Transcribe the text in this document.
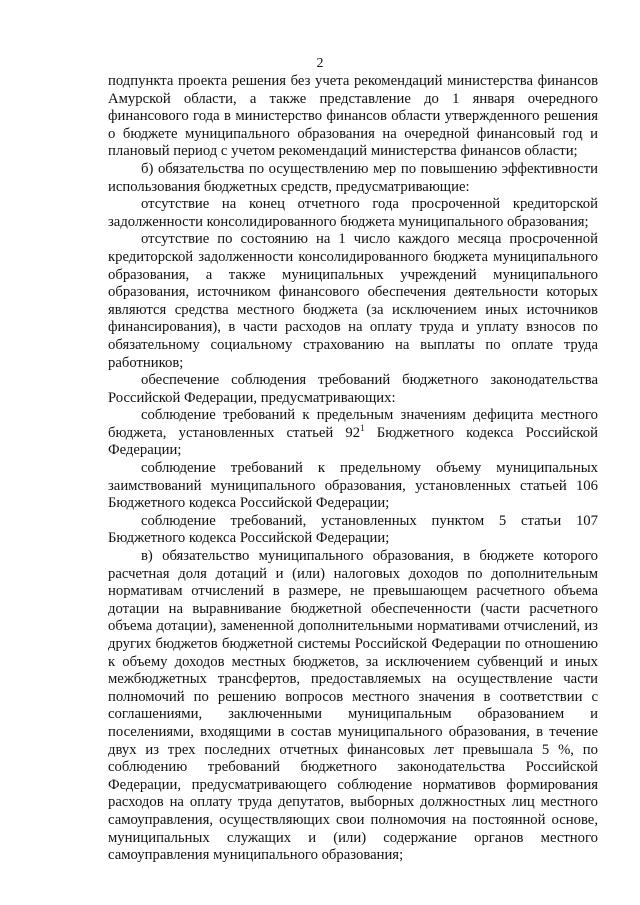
2

подпункта проекта решения без учета рекомендаций министерства финансов Амурской области, а также представление до 1 января очередного финансового года в министерство финансов области утвержденного решения о бюджете муниципального образования на очередной финансовый год и плановый период с учетом рекомендаций министерства финансов области;

б) обязательства по осуществлению мер по повышению эффективности использования бюджетных средств, предусматривающие:

отсутствие на конец отчетного года просроченной кредиторской задолженности консолидированного бюджета муниципального образования;

отсутствие по состоянию на 1 число каждого месяца просроченной кредиторской задолженности консолидированного бюджета муниципального образования, а также муниципальных учреждений муниципального образования, источником финансового обеспечения деятельности которых являются средства местного бюджета (за исключением иных источников финансирования), в части расходов на оплату труда и уплату взносов по обязательному социальному страхованию на выплаты по оплате труда работников;

обеспечение соблюдения требований бюджетного законодательства Российской Федерации, предусматривающих:

соблюдение требований к предельным значениям дефицита местного бюджета, установленных статьей $92^1$ Бюджетного кодекса Российской Федерации;

соблюдение требований к предельному объему муниципальных заимствований муниципального образования, установленных статьей 106 Бюджетного кодекса Российской Федерации;

соблюдение требований, установленных пунктом 5 статьи 107 Бюджетного кодекса Российской Федерации;

в) обязательство муниципального образования, в бюджете которого расчетная доля дотаций и (или) налоговых доходов по дополнительным нормативам отчислений в размере, не превышающем расчетного объема дотации на выравнивание бюджетной обеспеченности (части расчетного объема дотации), замененной дополнительными нормативами отчислений, из других бюджетов бюджетной системы Российской Федерации по отношению к объему доходов местных бюджетов, за исключением субвенций и иных межбюджетных трансфертов, предоставляемых на осуществление части полномочий по решению вопросов местного значения в соответствии с соглашениями, заключенными муниципальным образованием и поселениями, входящими в состав муниципального образования, в течение двух из трех последних отчетных финансовых лет превышала 5 %, по соблюдению требований бюджетного законодательства Российской Федерации, предусматривающего соблюдение нормативов формирования расходов на оплату труда депутатов, выборных должностных лиц местного самоуправления, осуществляющих свои полномочия на постоянной основе, муниципальных служащих и (или) содержание органов местного самоуправления муниципального образования;
